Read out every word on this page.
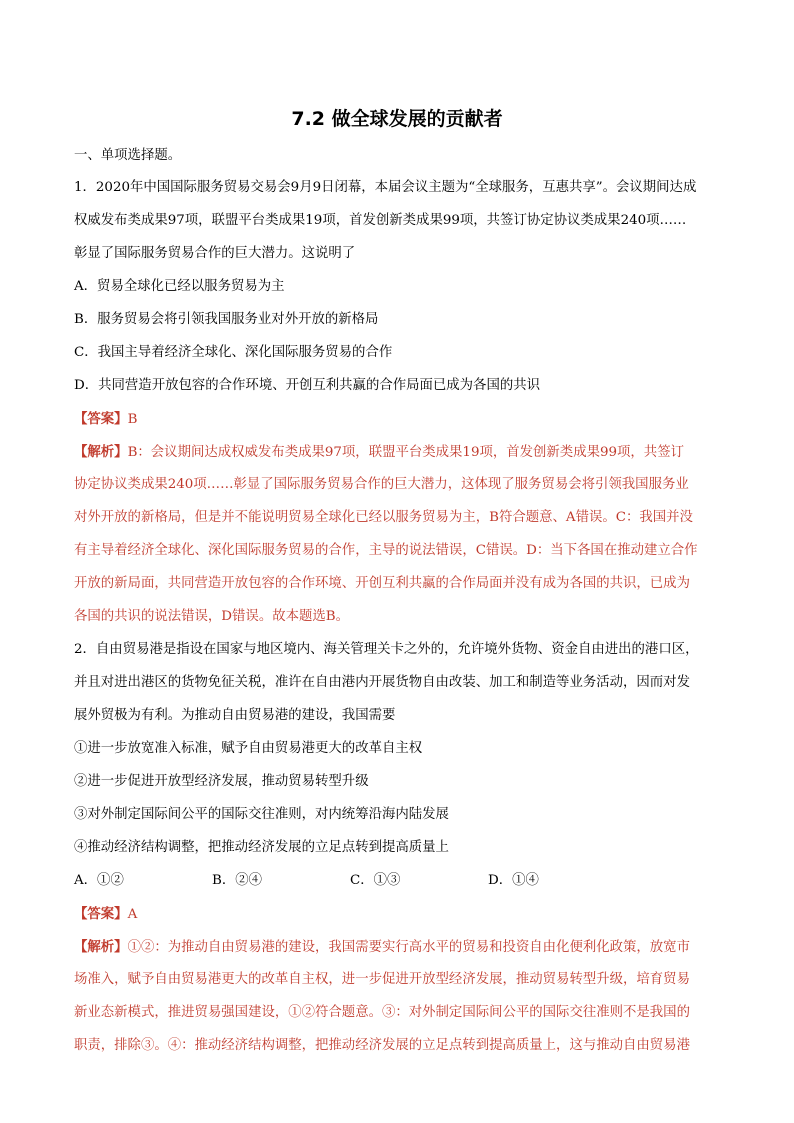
7.2 做全球发展的贡献者
一、单项选择题。
1．2020年中国国际服务贸易交易会9月9日闭幕，本届会议主题为“全球服务，互惠共享”。会议期间达成
权威发布类成果97项，联盟平台类成果19项，首发创新类成果99项，共签订协定协议类成果240项……
彰显了国际服务贸易合作的巨大潜力。这说明了
A．贸易全球化已经以服务贸易为主
B．服务贸易会将引领我国服务业对外开放的新格局
C．我国主导着经济全球化、深化国际服务贸易的合作
D．共同营造开放包容的合作环境、开创互利共赢的合作局面已成为各国的共识
【答案】B
【解析】B：会议期间达成权威发布类成果97项，联盟平台类成果19项，首发创新类成果99项，共签订
协定协议类成果240项……彰显了国际服务贸易合作的巨大潜力，这体现了服务贸易会将引领我国服务业
对外开放的新格局，但是并不能说明贸易全球化已经以服务贸易为主，B符合题意、A错误。C：我国并没
有主导着经济全球化、深化国际服务贸易的合作，主导的说法错误，C错误。D：当下各国在推动建立合作
开放的新局面，共同营造开放包容的合作环境、开创互利共赢的合作局面并没有成为各国的共识，已成为
各国的共识的说法错误，D错误。故本题选B。
2．自由贸易港是指设在国家与地区境内、海关管理关卡之外的，允许境外货物、资金自由进出的港口区，
并且对进出港区的货物免征关税，准许在自由港内开展货物自由改装、加工和制造等业务活动，因而对发
展外贸极为有利。为推动自由贸易港的建设，我国需要
①进一步放宽准入标准，赋予自由贸易港更大的改革自主权
②进一步促进开放型经济发展，推动贸易转型升级
③对外制定国际间公平的国际交往准则，对内统筹沿海内陆发展
④推动经济结构调整，把推动经济发展的立足点转到提高质量上
A．①②	B．②④	C．①③	D．①④
【答案】A
【解析】①②：为推动自由贸易港的建设，我国需要实行高水平的贸易和投资自由化便利化政策，放宽市
场准入，赋予自由贸易港更大的改革自主权，进一步促进开放型经济发展，推动贸易转型升级，培育贸易
新业态新模式，推进贸易强国建设，①②符合题意。③：对外制定国际间公平的国际交往准则不是我国的
职责，排除③。④：推动经济结构调整，把推动经济发展的立足点转到提高质量上，这与推动自由贸易港
